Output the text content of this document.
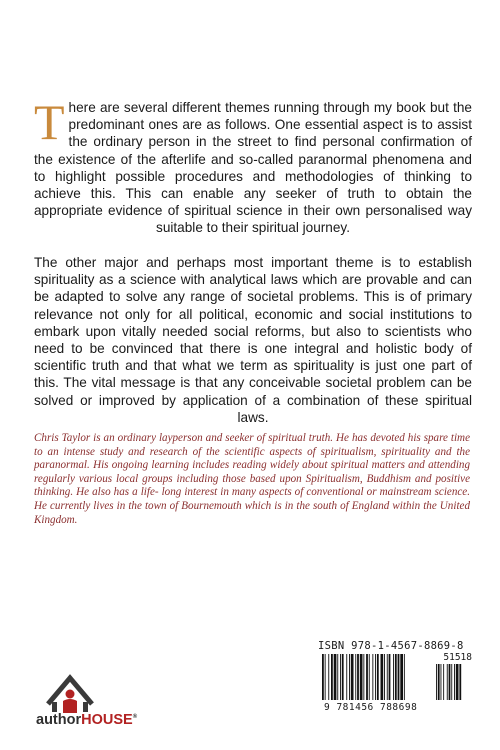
There are several different themes running through my book but the predominant ones are as follows. One essential aspect is to assist the ordinary person in the street to find personal confirmation of the existence of the afterlife and so-called paranormal phenomena and to highlight possible procedures and methodologies of thinking to achieve this. This can enable any seeker of truth to obtain the appropriate evidence of spiritual science in their own personalised way suitable to their spiritual journey.
The other major and perhaps most important theme is to establish spirituality as a science with analytical laws which are provable and can be adapted to solve any range of societal problems. This is of primary relevance not only for all political, economic and social institutions to embark upon vitally needed social reforms, but also to scientists who need to be convinced that there is one integral and holistic body of scientific truth and that what we term as spirituality is just one part of this. The vital message is that any conceivable societal problem can be solved or improved by application of a combination of these spiritual laws.
Chris Taylor is an ordinary layperson and seeker of spiritual truth. He has devoted his spare time to an intense study and research of the scientific aspects of spiritualism, spirituality and the paranormal. His ongoing learning includes reading widely about spiritual matters and attending regularly various local groups including those based upon Spiritualism, Buddhism and positive thinking. He also has a life- long interest in many aspects of conventional or mainstream science. He currently lives in the town of Bournemouth which is in the south of England within the United Kingdom.
ISBN 978-1-4567-8869-8
51518
9 781456 788698
authorHOUSE®
